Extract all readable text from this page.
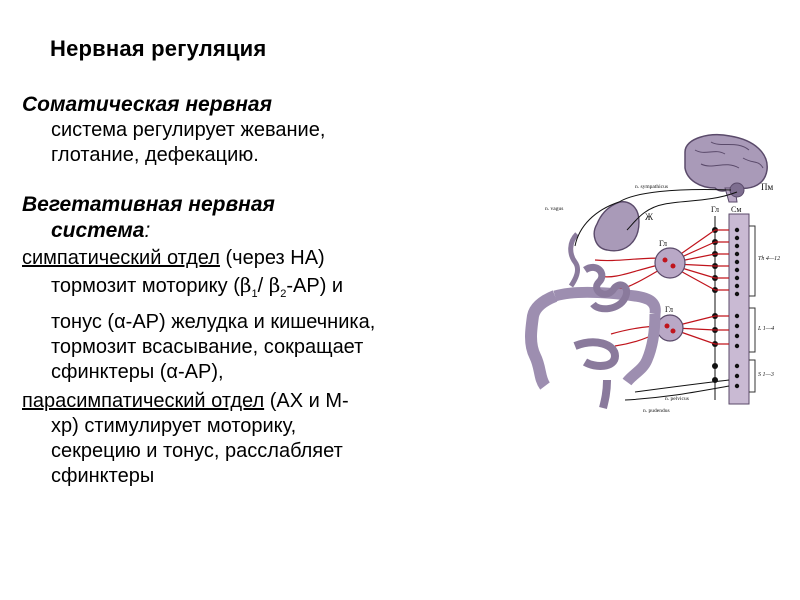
Нервная регуляция

Соматическая нервная

система регулирует жевание,

глотание, дефекацию.

Вегетативная нервная

система:

симпатический отдел (через НА)
тормозит моторику ($\beta_1/$ $\beta_2-АР$) и
тонус (α-АР) желудка и кишечника,
тормозит всасывание, сокращает
сфинктеры (α-АР),

парасимпатический отдел (АХ и М-
хр) стимулирует моторику,
секрецию и тонус, расслабляет
сфинктеры

Пм
Гл См
Ж
Гл
Гл
Th 4—12
L 1—4
S 1—3
n. sympathicus
n. vagus
n. pelvicus
n. pudendus
